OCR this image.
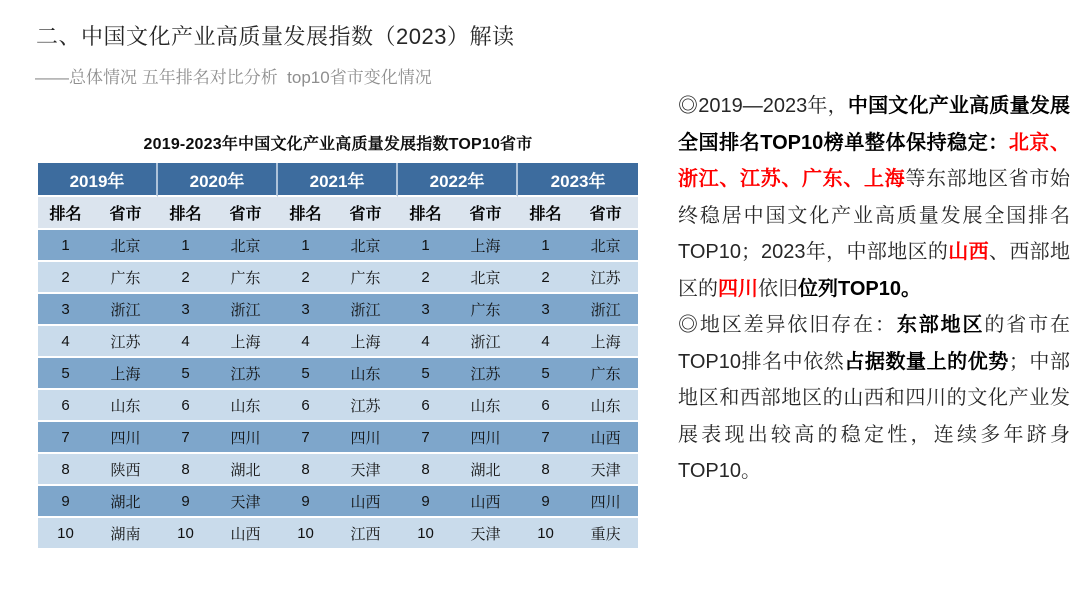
二、中国文化产业高质量发展指数（2023）解读
——总体情况 五年排名对比分析  top10省市变化情况
2019-2023年中国文化产业高质量发展指数TOP10省市
2019年		2020年		2021年		2022年		2023年	
排名	省市	排名	省市	排名	省市	排名	省市	排名	省市
1	北京	1	北京	1	北京	1	上海	1	北京
2	广东	2	广东	2	广东	2	北京	2	江苏
3	浙江	3	浙江	3	浙江	3	广东	3	浙江
4	江苏	4	上海	4	上海	4	浙江	4	上海
5	上海	5	江苏	5	山东	5	江苏	5	广东
6	山东	6	山东	6	江苏	6	山东	6	山东
7	四川	7	四川	7	四川	7	四川	7	山西
8	陕西	8	湖北	8	天津	8	湖北	8	天津
9	湖北	9	天津	9	山西	9	山西	9	四川
10	湖南	10	山西	10	江西	10	天津	10	重庆

◎2019—2023年，中国文化产业高质量发展全国排名TOP10榜单整体保持稳定：北京、浙江、江苏、广东、上海等东部地区省市始终稳居中国文化产业高质量发展全国排名TOP10；2023年，中部地区的山西、西部地区的四川依旧位列TOP10。

◎地区差异依旧存在：东部地区的省市在TOP10排名中依然占据数量上的优势；中部地区和西部地区的山西和四川的文化产业发展表现出较高的稳定性，连续多年跻身TOP10。
